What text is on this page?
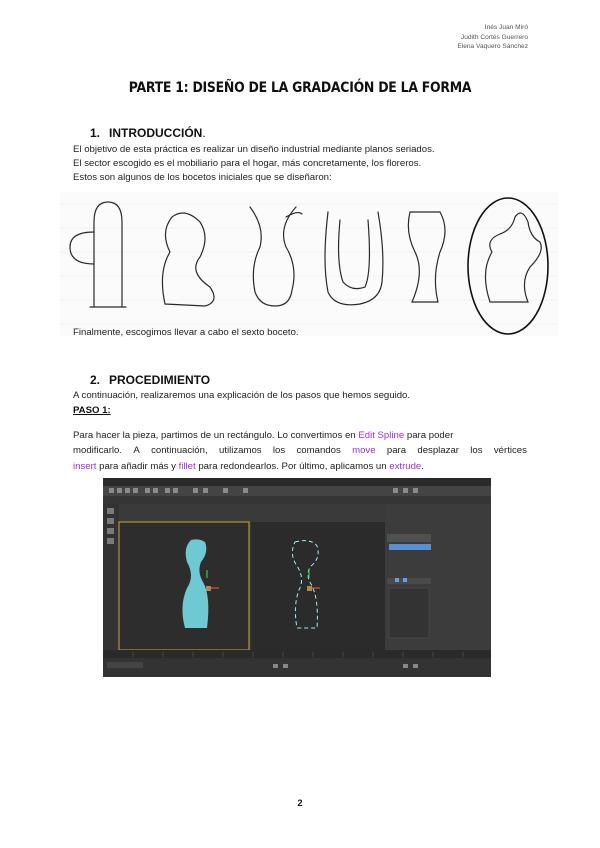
Inés Juan Miró
Judith Cortés Guerrero
Elena Vaquero Sánchez
PARTE 1: DISEÑO DE LA GRADACIÓN DE LA FORMA
1. INTRODUCCIÓN.
El objetivo de esta práctica es realizar un diseño industrial mediante planos seriados.
El sector escogido es el mobiliario para el hogar, más concretamente, los floreros.
Estos son algunos de los bocetos iniciales que se diseñaron:
Finalmente, escogimos llevar a cabo el sexto boceto.
2. PROCEDIMIENTO
A continuación, realizaremos una explicación de los pasos que hemos seguido.
PASO 1:
Para hacer la pieza, partimos de un rectángulo. Lo convertimos en Edit Spline para poder
modificarlo. A continuación, utilizamos los comandos move para desplazar los vértices
insert para añadir más y fillet para redondearlos. Por último, aplicamos un extrude.
2
